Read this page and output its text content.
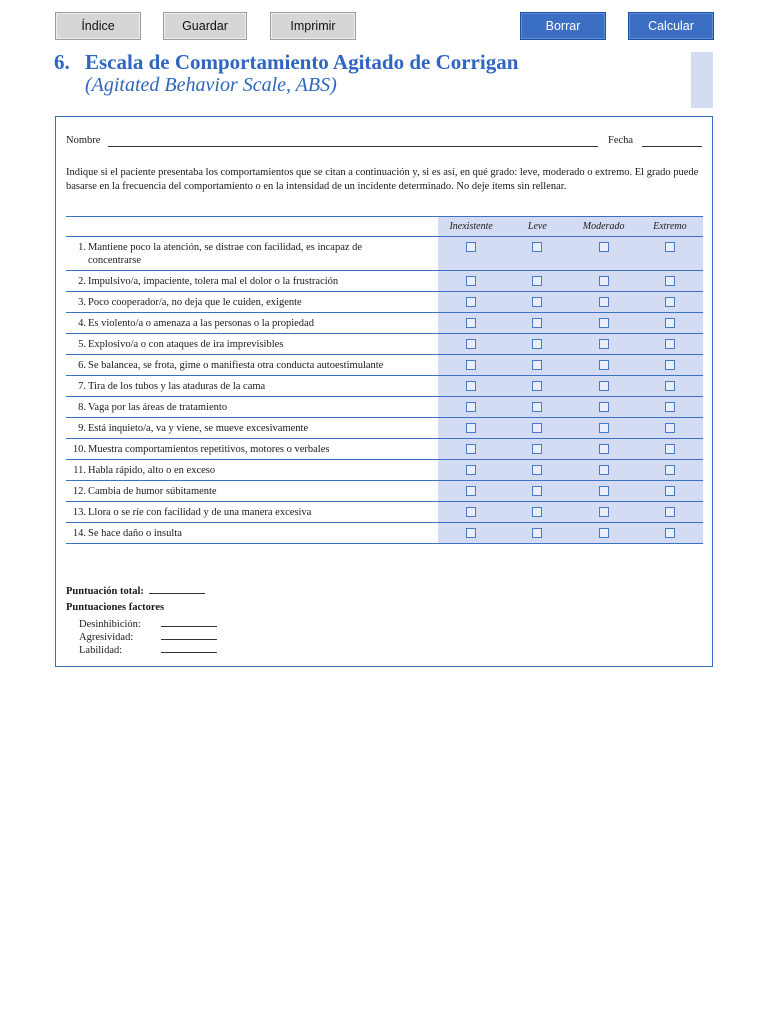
Índice	Guardar	Imprimir	Borrar	Calcular
6. Escala de Comportamiento Agitado de Corrigan
(Agitated Behavior Scale, ABS)
Nombre	Fecha
Indique si el paciente presentaba los comportamientos que se citan a continuación y, si es así, en qué grado: leve, moderado o extremo. El grado puede basarse en la frecuencia del comportamiento o en la intensidad de un incidente determinado. No deje ítems sin rellenar.
	Inexistente	Leve	Moderado	Extremo
1. Mantiene poco la atención, se distrae con facilidad, es incapaz de concentrarse				
2. Impulsivo/a, impaciente, tolera mal el dolor o la frustración				
3. Poco cooperador/a, no deja que le cuiden, exigente				
4. Es violento/a o amenaza a las personas o la propiedad				
5. Explosivo/a o con ataques de ira imprevisibles				
6. Se balancea, se frota, gime o manifiesta otra conducta autoestimulante				
7. Tira de los tubos y las ataduras de la cama				
8. Vaga por las áreas de tratamiento				
9. Está inquieto/a, va y viene, se mueve excesivamente				
10. Muestra comportamientos repetitivos, motores o verbales				
11. Habla rápido, alto o en exceso				
12. Cambia de humor súbitamente				
13. Llora o se ríe con facilidad y de una manera excesiva				
14. Se hace daño o insulta				
Puntuación total:
Puntuaciones factores
Desinhibición:
Agresividad:
Labilidad:
